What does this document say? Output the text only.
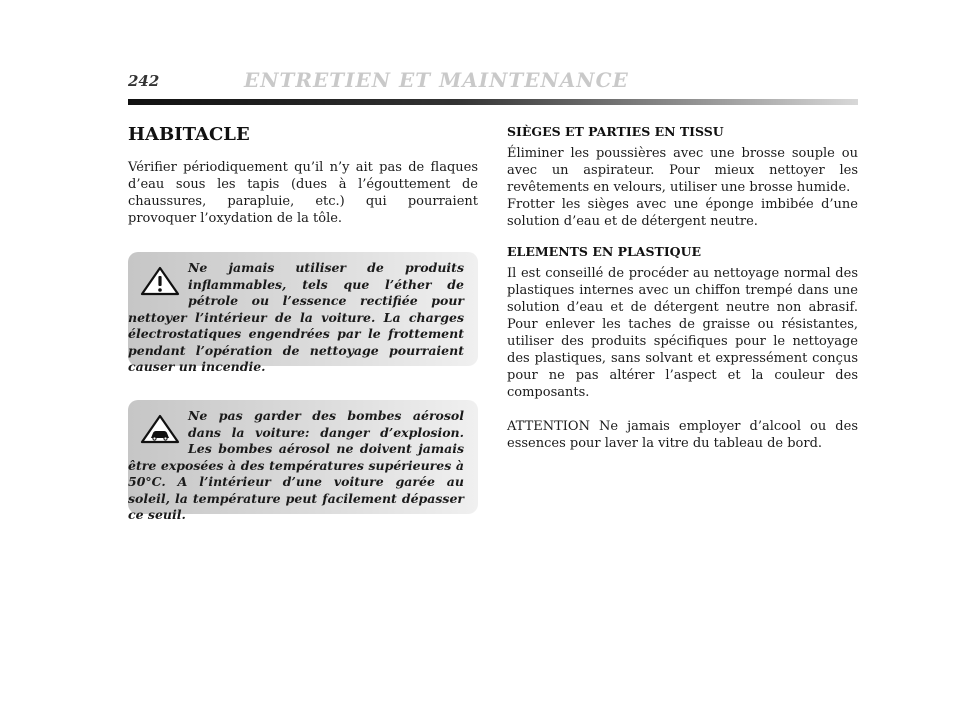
242	ENTRETIEN ET MAINTENANCE
HABITACLE

Vérifier périodiquement qu’il n’y ait pas de flaques d’eau sous les tapis (dues à l’égouttement de chaussures, parapluie, etc.) qui pourraient provoquer l’oxydation de la tôle.

Ne jamais utiliser de produits inflammables, tels que l’éther de pétrole ou l’essence rectifiée pour nettoyer l’intérieur de la voiture. La charges électrostatiques engendrées par le frottement pendant l’opération de nettoyage pourraient causer un incendie.

Ne pas garder des bombes aérosol dans la voiture: danger d’explosion. Les bombes aérosol ne doivent jamais être exposées à des températures supérieures à 50°C. A l’intérieur d’une voiture garée au soleil, la température peut facilement dépasser ce seuil.

SIÈGES ET PARTIES EN TISSU

Éliminer les poussières avec une brosse souple ou avec un aspirateur. Pour mieux nettoyer les revêtements en velours, utiliser une brosse humide.

Frotter les sièges avec une éponge imbibée d’une solution d’eau et de détergent neutre.

ELEMENTS EN PLASTIQUE

Il est conseillé de procéder au nettoyage normal des plastiques internes avec un chiffon trempé dans une solution d’eau et de détergent neutre non abrasif. Pour enlever les taches de graisse ou résistantes, utiliser des produits spécifiques pour le nettoyage des plastiques, sans solvant et expressément conçus pour ne pas altérer l’aspect et la couleur des composants.

ATTENTION Ne jamais employer d’alcool ou des essences pour laver la vitre du tableau de bord.
